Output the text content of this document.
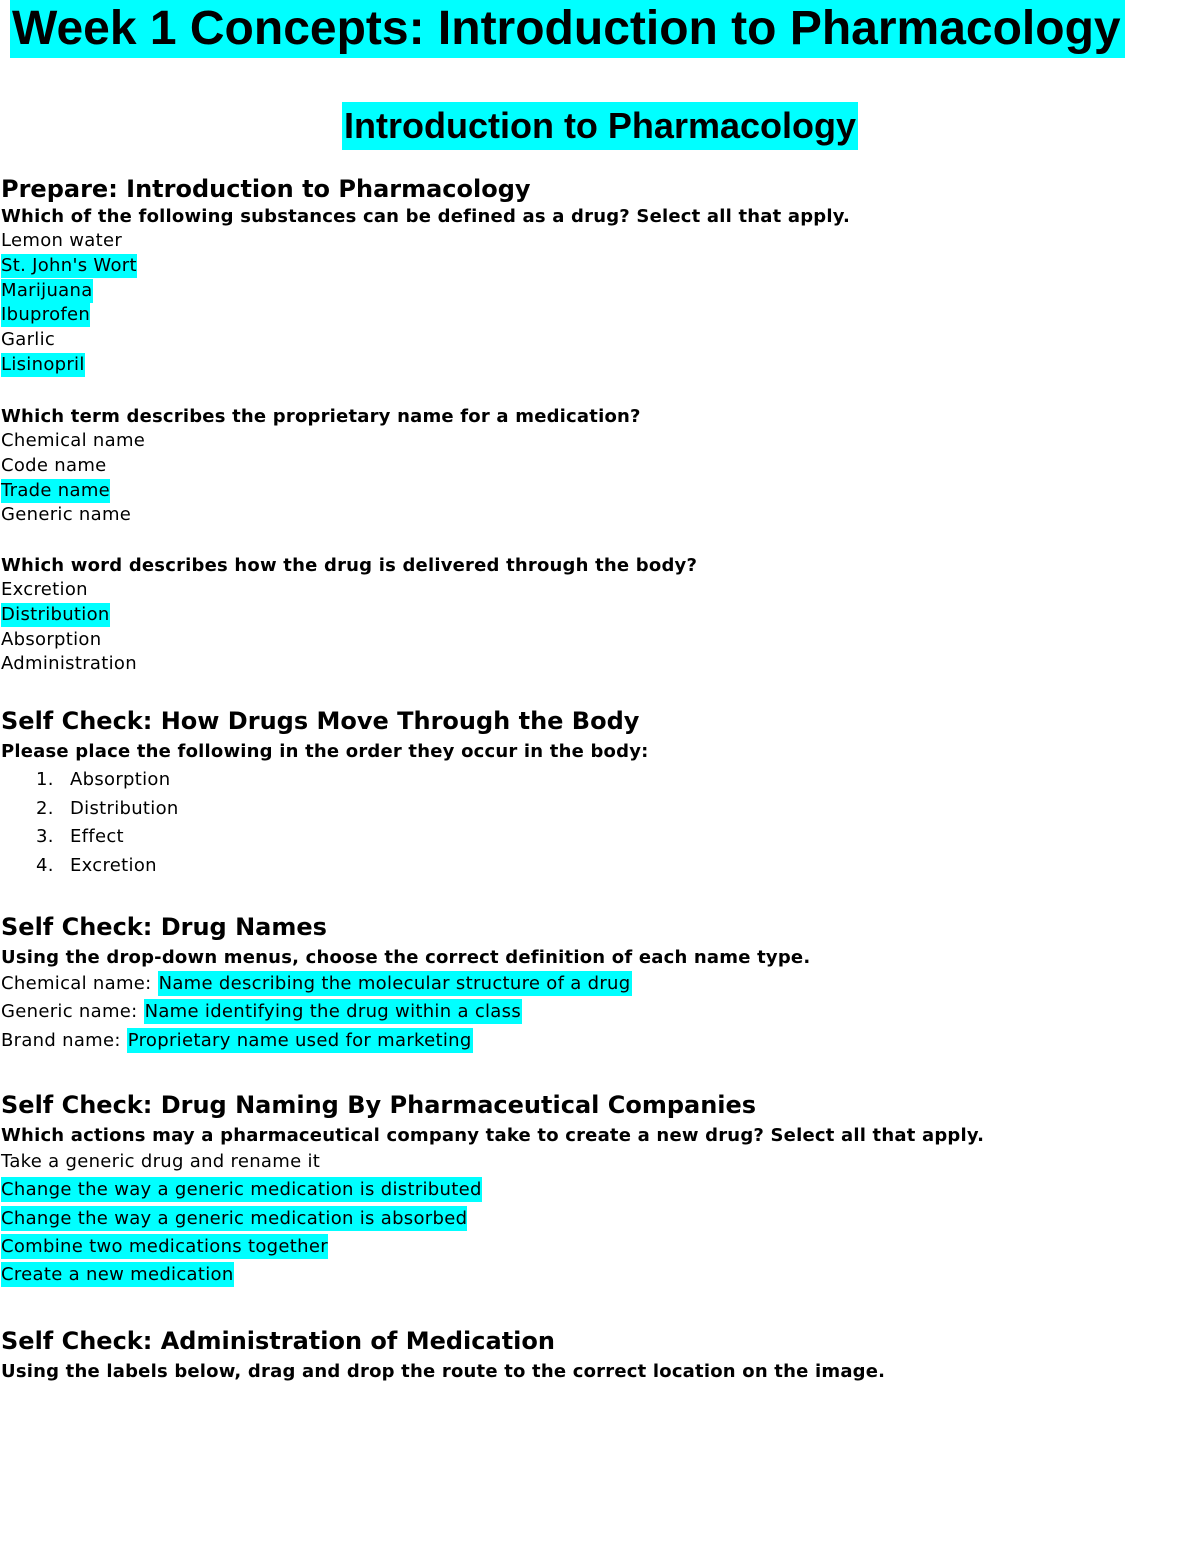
Week 1 Concepts: Introduction to Pharmacology
Introduction to Pharmacology
Prepare: Introduction to Pharmacology

Which of the following substances can be defined as a drug? Select all that apply.

Lemon water

St. John's Wort

Marijuana

Ibuprofen

Garlic

Lisinopril

Which term describes the proprietary name for a medication?

Chemical name

Code name

Trade name

Generic name

Which word describes how the drug is delivered through the body?

Excretion

Distribution

Absorption

Administration

Self Check: How Drugs Move Through the Body

Please place the following in the order they occur in the body:

1. Absorption
2. Distribution
3. Effect
4. Excretion
Self Check: Drug Names

Using the drop-down menus, choose the correct definition of each name type.

Chemical name: Name describing the molecular structure of a drug
Generic name: Name identifying the drug within a class
Brand name: Proprietary name used for marketing
Self Check: Drug Naming By Pharmaceutical Companies

Which actions may a pharmaceutical company take to create a new drug? Select all that apply.

Take a generic drug and rename it
Change the way a generic medication is distributed
Change the way a generic medication is absorbed
Combine two medications together
Create a new medication
Self Check: Administration of Medication

Using the labels below, drag and drop the route to the correct location on the image.
